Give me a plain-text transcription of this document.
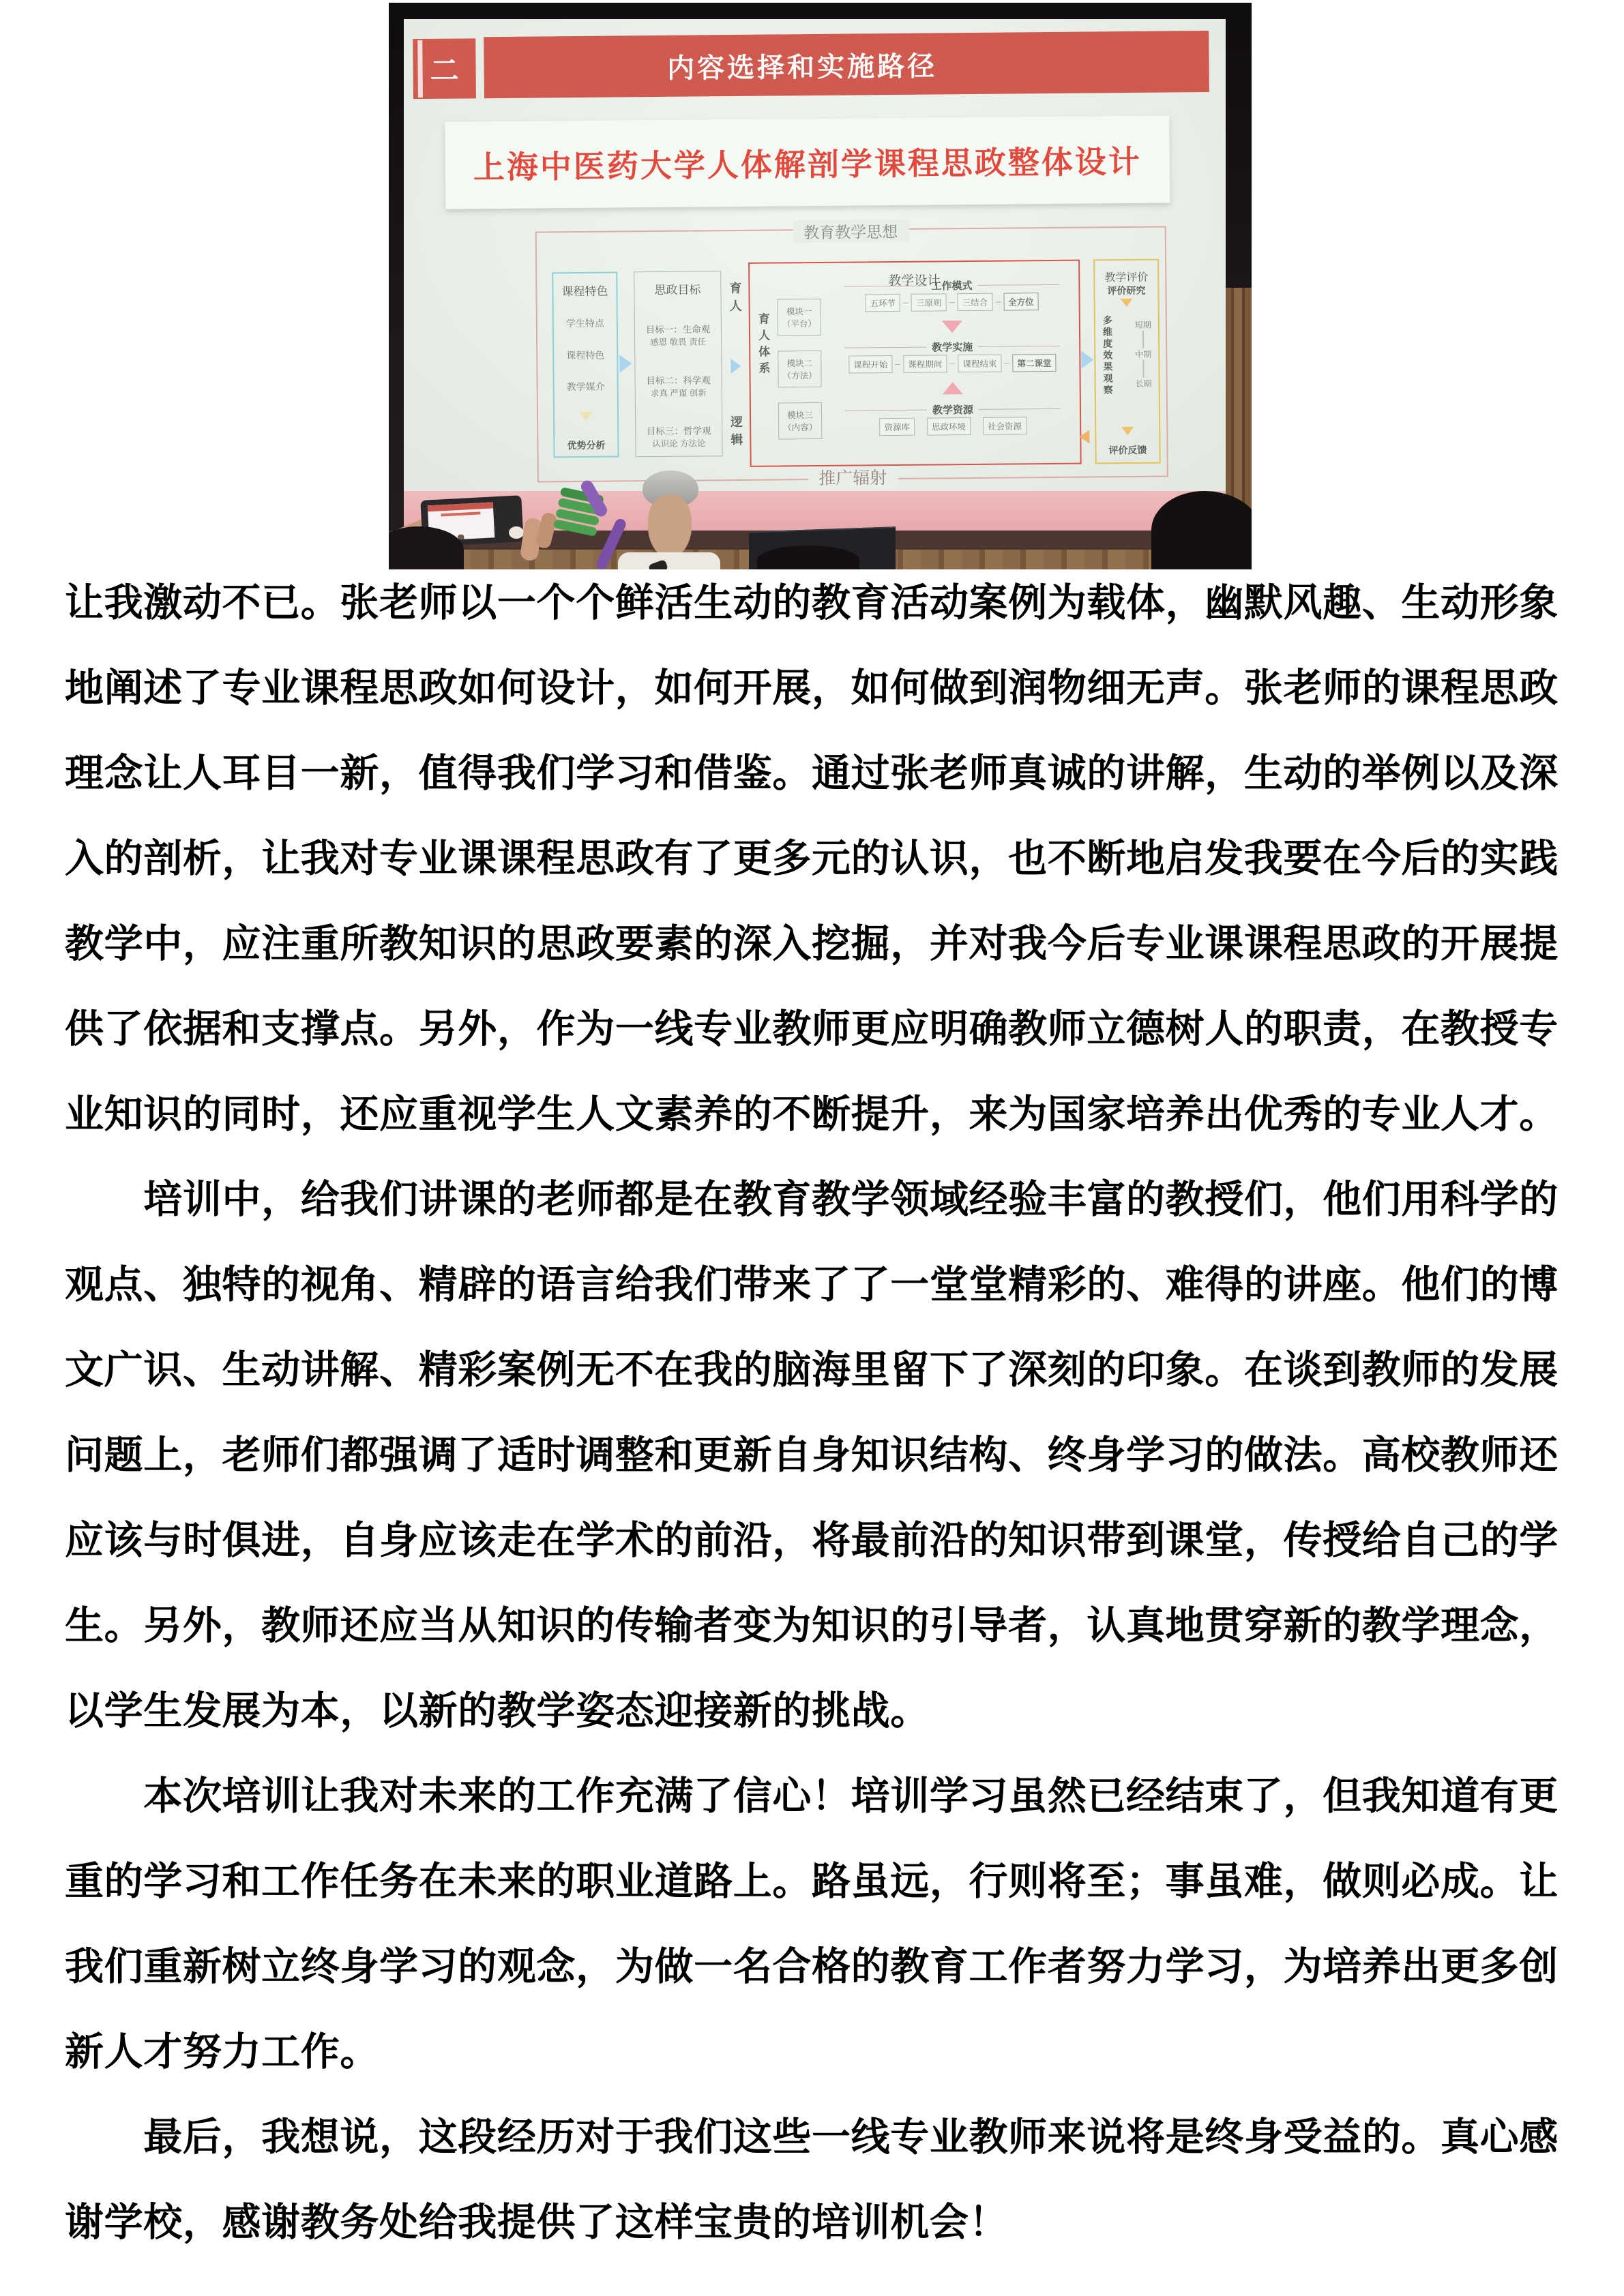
二	内容选择和实施路径
上海中医药大学人体解剖学课程思政整体设计
教育教学思想
推广辐射
课程特色
学生特点
课程特色
教学媒介
优势分析
思政目标
目标一：生命观
感恩 敬畏 责任
目标二：科学观
求真 严谨 创新
目标三：哲学观
认识论 方法论
育人
逻辑
教学设计
育人体系
模块一
（平台）
模块二
（方法）
模块三
（内容）
工作模式
五环节	三原则	三结合	全方位
教学实施
课程开始	课程期间	课程结束	第二课堂
教学资源
资源库	思政环境	社会资源
教学评价
评价研究
多维度效果观察	短期
中期
长期
评价反馈
让我激动不已。张老师以一个个鲜活生动的教育活动案例为载体，幽默风趣、生动形象
地阐述了专业课程思政如何设计，如何开展，如何做到润物细无声。张老师的课程思政
理念让人耳目一新，值得我们学习和借鉴。通过张老师真诚的讲解，生动的举例以及深
入的剖析，让我对专业课课程思政有了更多元的认识，也不断地启发我要在今后的实践
教学中，应注重所教知识的思政要素的深入挖掘，并对我今后专业课课程思政的开展提
供了依据和支撑点。另外，作为一线专业教师更应明确教师立德树人的职责，在教授专
业知识的同时，还应重视学生人文素养的不断提升，来为国家培养出优秀的专业人才。
　　培训中，给我们讲课的老师都是在教育教学领域经验丰富的教授们，他们用科学的
观点、独特的视角、精辟的语言给我们带来了了一堂堂精彩的、难得的讲座。他们的博
文广识、生动讲解、精彩案例无不在我的脑海里留下了深刻的印象。在谈到教师的发展
问题上，老师们都强调了适时调整和更新自身知识结构、终身学习的做法。高校教师还
应该与时俱进，自身应该走在学术的前沿，将最前沿的知识带到课堂，传授给自己的学
生。另外，教师还应当从知识的传输者变为知识的引导者，认真地贯穿新的教学理念，
以学生发展为本，以新的教学姿态迎接新的挑战。
　　本次培训让我对未来的工作充满了信心！培训学习虽然已经结束了，但我知道有更
重的学习和工作任务在未来的职业道路上。路虽远，行则将至；事虽难，做则必成。让
我们重新树立终身学习的观念，为做一名合格的教育工作者努力学习，为培养出更多创
新人才努力工作。
　　最后，我想说，这段经历对于我们这些一线专业教师来说将是终身受益的。真心感
谢学校，感谢教务处给我提供了这样宝贵的培训机会！
